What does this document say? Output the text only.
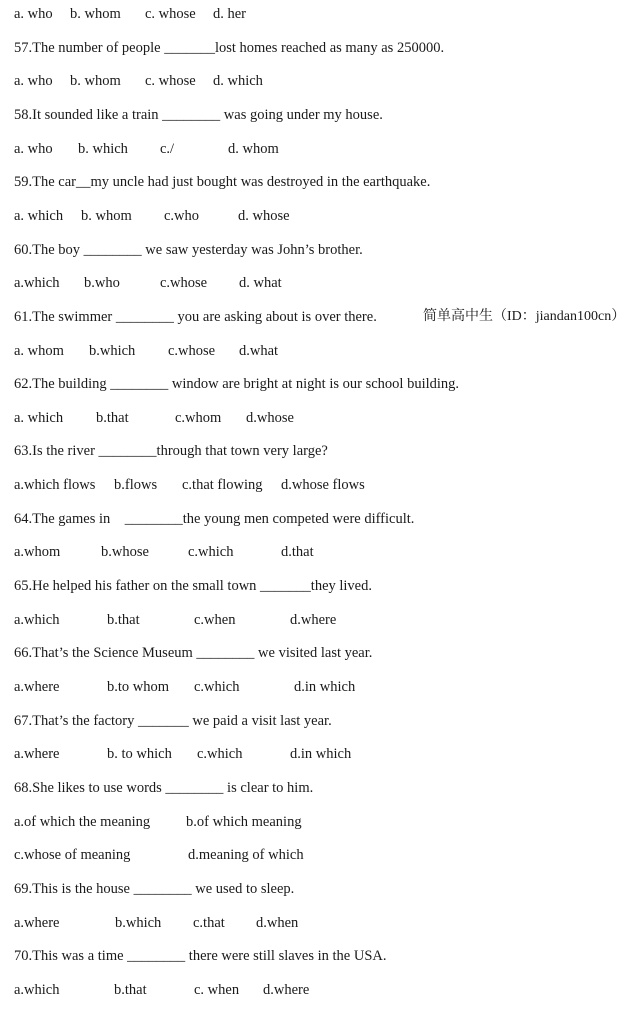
a. who b. whom c. whose d. her
57.The number of people _______lost homes reached as many as 250000.
a. who b. whom c. whose d. which
58.It sounded like a train ________ was going under my house.
a. who b. which c./	d. whom
59.The car__my uncle had just bought was destroyed in the earthquake.
a. which b. whom c.who	d. whose
60.The boy ________ we saw yesterday was John’s brother.
a.which b.who	c.whose d. what
61.The swimmer ________ you are asking about is over there.	简单高中生（ID：jiandan100cn）
a. whom b.which c.whose d.what
62.The building ________ window are bright at night is our school building.
a. which b.that	c.whom d.whose
63.Is the river ________through that town very large?
a.which flows b.flows c.that flowing d.whose flows
64.The games in    ________the young men competed were difficult.
a.whom	b.whose	c.which	d.that
65.He helped his father on the small town _______they lived.
a.which	b.that	c.when	d.where
66.That’s the Science Museum ________ we visited last year.
a.where	b.to whom c.which	d.in which
67.That’s the factory _______ we paid a visit last year.
a.where	b. to which c.which	d.in which
68.She likes to use words ________ is clear to him.
a.of which the meaning b.of which meaning
c.whose of meaning	d.meaning of which
69.This is the house ________ we used to sleep.
a.where	b.which c.that d.when
70.This was a time ________ there were still slaves in the USA.
a.which	b.that	c. when d.where
